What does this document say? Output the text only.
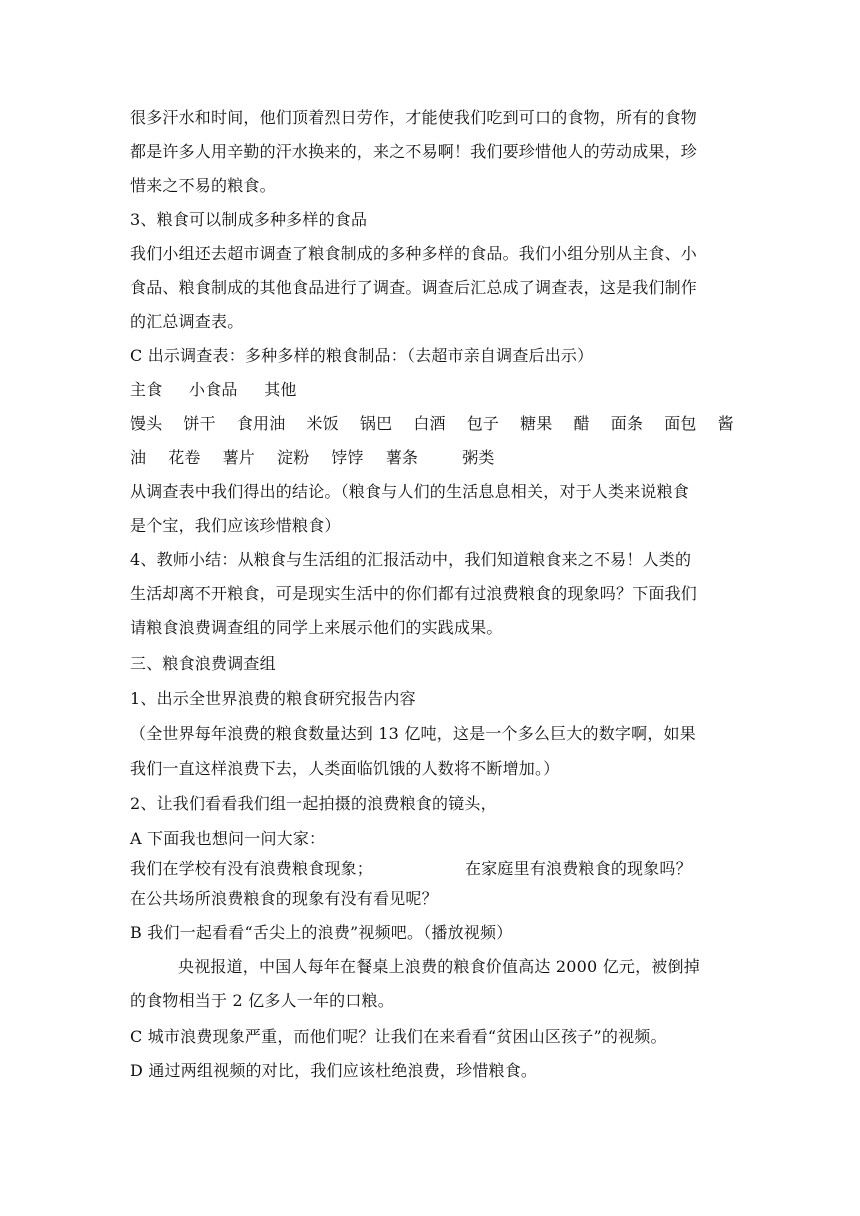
很多汗水和时间，他们顶着烈日劳作，才能使我们吃到可口的食物，所有的食物
都是许多人用辛勤的汗水换来的，来之不易啊！我们要珍惜他人的劳动成果，珍
惜来之不易的粮食。
3、粮食可以制成多种多样的食品
我们小组还去超市调查了粮食制成的多种多样的食品。我们小组分别从主食、小
食品、粮食制成的其他食品进行了调查。调查后汇总成了调查表，这是我们制作
的汇总调查表。
C 出示调查表：多种多样的粮食制品：（去超市亲自调查后出示）
主食 小食品 其他
馒头 饼干 食用油 米饭 锅巴 白酒 包子 糖果 醋 面条 面包 酱
油 花卷 薯片 淀粉 饽饽 薯条	粥类
从调查表中我们得出的结论。（粮食与人们的生活息息相关，对于人类来说粮食
是个宝，我们应该珍惜粮食）
4、教师小结：从粮食与生活组的汇报活动中，我们知道粮食来之不易！人类的
生活却离不开粮食，可是现实生活中的你们都有过浪费粮食的现象吗？下面我们
请粮食浪费调查组的同学上来展示他们的实践成果。
三、粮食浪费调查组
1、出示全世界浪费的粮食研究报告内容
（全世界每年浪费的粮食数量达到 13 亿吨，这是一个多么巨大的数字啊，如果
我们一直这样浪费下去，人类面临饥饿的人数将不断增加。）
2、让我们看看我们组一起拍摄的浪费粮食的镜头，
A 下面我也想问一问大家：
我们在学校有没有浪费粮食现象；	在家庭里有浪费粮食的现象吗？
在公共场所浪费粮食的现象有没有看见呢？
B 我们一起看看“舌尖上的浪费”视频吧。（播放视频）
央视报道，中国人每年在餐桌上浪费的粮食价值高达 2000 亿元，被倒掉
的食物相当于 2 亿多人一年的口粮。
C 城市浪费现象严重，而他们呢？让我们在来看看“贫困山区孩子”的视频。
D 通过两组视频的对比，我们应该杜绝浪费，珍惜粮食。
